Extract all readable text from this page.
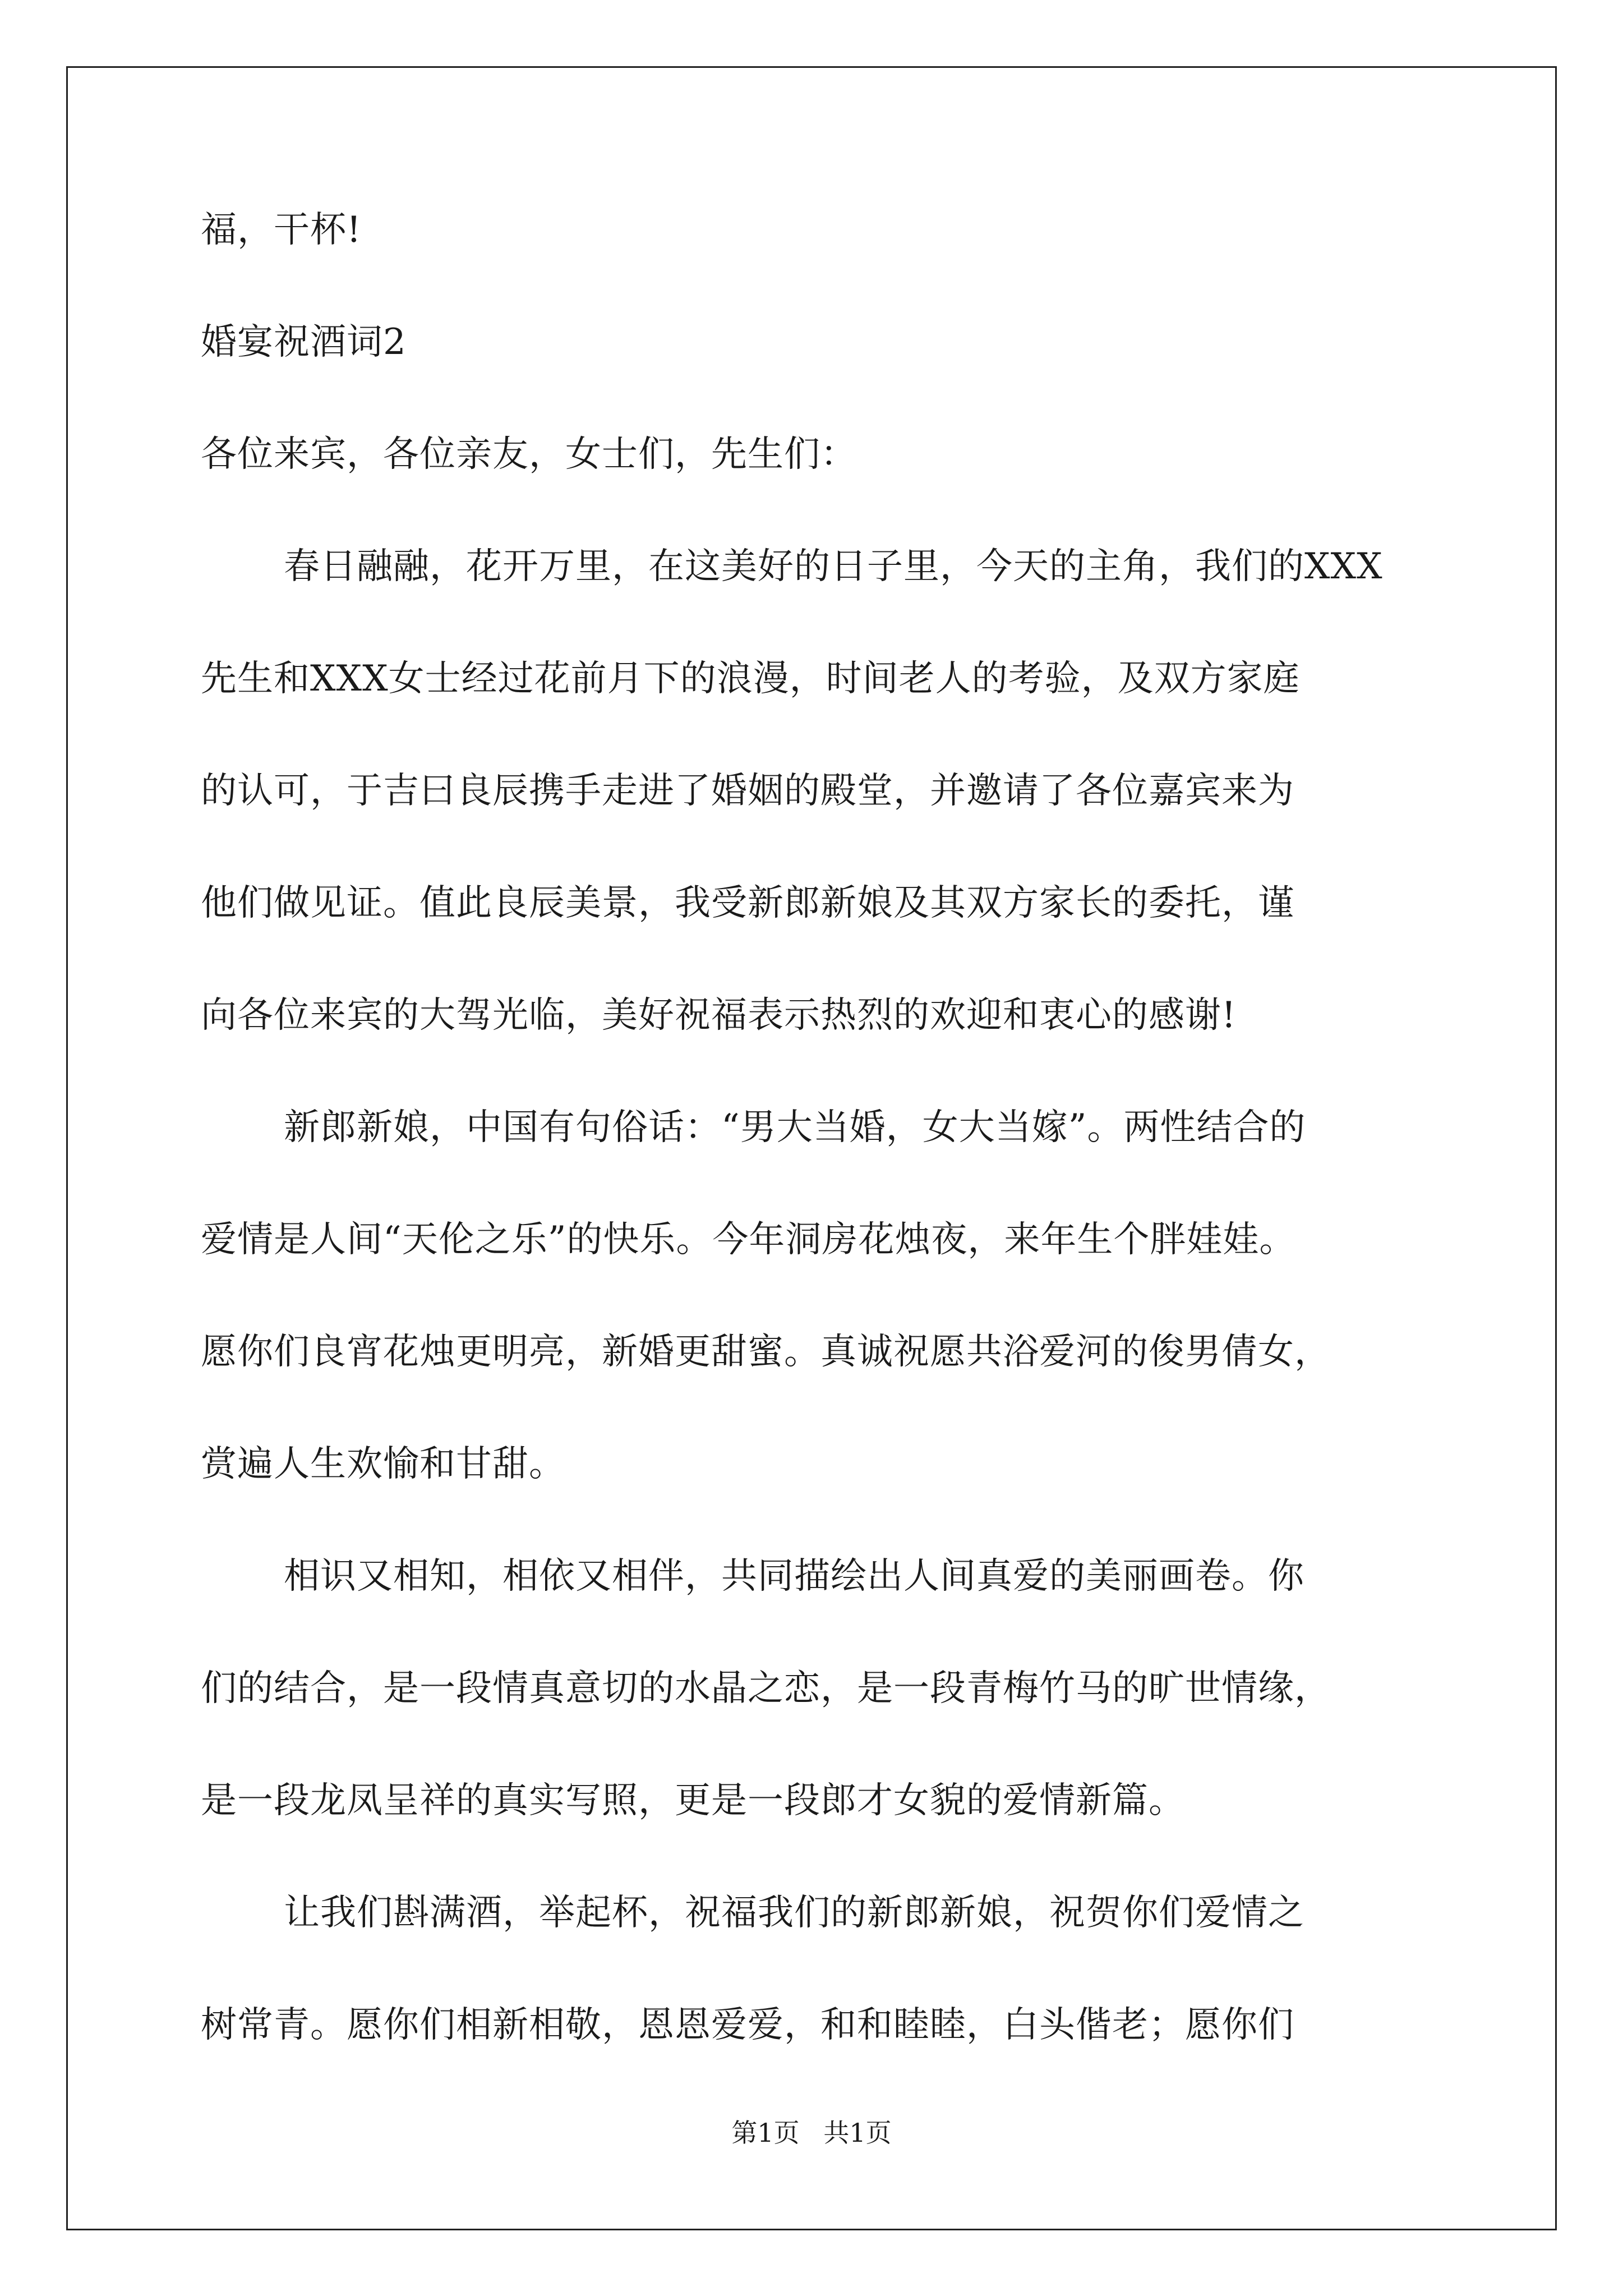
福，干杯!
婚宴祝酒词2
各位来宾，各位亲友，女士们，先生们：
春日融融，花开万里，在这美好的日子里，今天的主角，我们的XXX
先生和XXX女士经过花前月下的浪漫，时间老人的考验，及双方家庭
的认可，于吉曰良辰携手走进了婚姻的殿堂，并邀请了各位嘉宾来为
他们做见证。值此良辰美景，我受新郎新娘及其双方家长的委托，谨
向各位来宾的大驾光临，美好祝福表示热烈的欢迎和衷心的感谢!
新郎新娘，中国有句俗话：“男大当婚，女大当嫁”。两性结合的
爱情是人间“天伦之乐”的快乐。今年洞房花烛夜，来年生个胖娃娃。
愿你们良宵花烛更明亮，新婚更甜蜜。真诚祝愿共浴爱河的俊男倩女，
赏遍人生欢愉和甘甜。
相识又相知，相依又相伴，共同描绘出人间真爱的美丽画卷。你
们的结合，是一段情真意切的水晶之恋，是一段青梅竹马的旷世情缘，
是一段龙凤呈祥的真实写照，更是一段郎才女貌的爱情新篇。
让我们斟满酒，举起杯，祝福我们的新郎新娘，祝贺你们爱情之
树常青。愿你们相新相敬，恩恩爱爱，和和睦睦，白头偕老；愿你们
第1页 共1页
